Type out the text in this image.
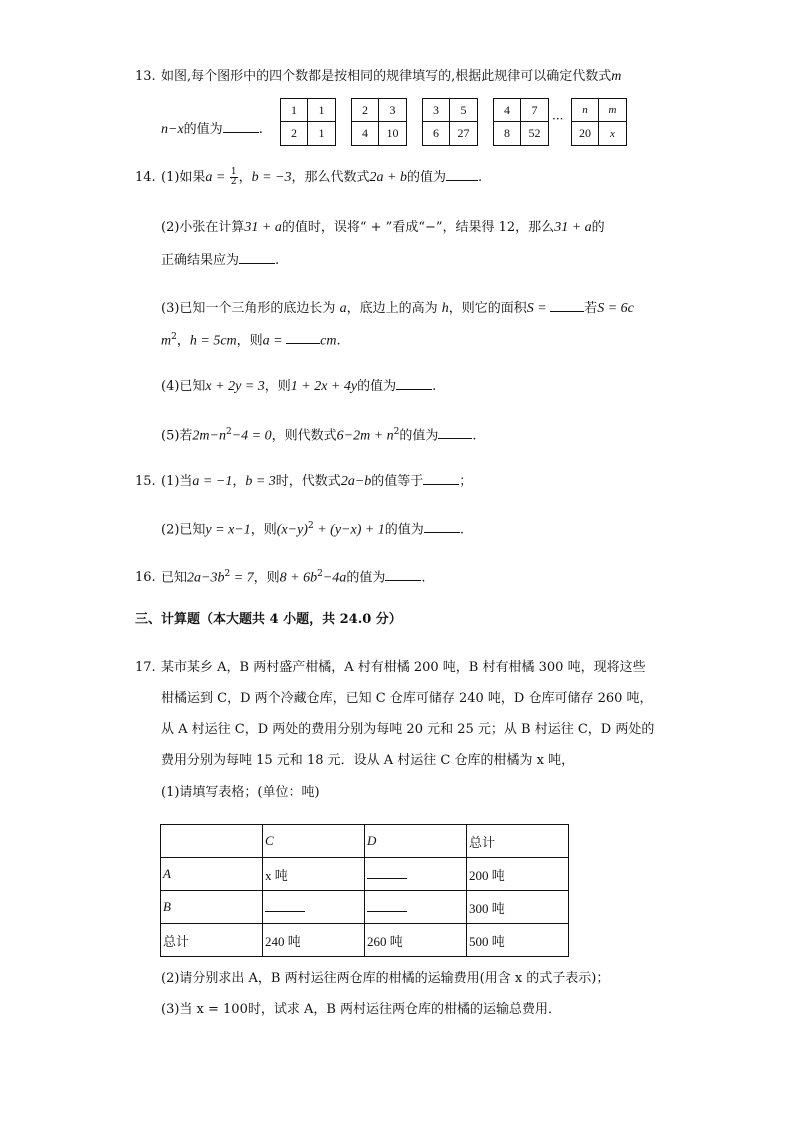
13. 如图,每个图形中的四个数都是按相同的规律填写的,根据此规律可以确定代数式m
n−x的值为	.
1	1
2	1
2	3
4	10
3	5
6	27
4	7
8	52
···
n	m
20	x
14. (1)如果$a = \frac{1}{2}$ ，b = −3，那么代数式2a + b的值为 .
(2)小张在计算31 + a的值时，误将“ + ”看成“−”，结果得 12，那么31 + a的
正确结果应为	.
(3)已知一个三角形的底边长为 a，底边上的高为 h，则它的面积S =	若S = 6c
$m^2$，h = 5cm，则a = cm.
(4)已知x + 2y = 3，则1 + 2x + 4y的值为	.
(5)若$2m-n^2-4 = 0$，则代数式$6-2m + n^2$的值为	.
15. (1)当a = −1，b = 3时，代数式2a−b的值等于	；
(2)已知y = x−1，则$(x-y)^2 + (y-x) + 1$的值为	.
16. 已知$2a-3b^2 = 7$，则$8 + 6b^2-4a$的值为	.
三、计算题（本大题共 4 小题，共 24.0 分）
17. 某市某乡 A，B 两村盛产柑橘，A 村有柑橘 200 吨，B 村有柑橘 300 吨，现将这些
柑橘运到 C，D 两个冷藏仓库，已知 C 仓库可储存 240 吨，D 仓库可储存 260 吨，
从 A 村运往 C，D 两处的费用分别为每吨 20 元和 25 元；从 B 村运往 C，D 两处的
费用分别为每吨 15 元和 18 元．设从 A 村运往 C 仓库的柑橘为 x 吨，
(1)请填写表格；(单位：吨)
	C	D	总计
A	x 吨		200 吨
B			300 吨
总计	240 吨	260 吨	500 吨
(2)请分别求出 A，B 两村运往两仓库的柑橘的运输费用(用含 x 的式子表示)；
(3)当 x = 100时，试求 A，B 两村运往两仓库的柑橘的运输总费用．
